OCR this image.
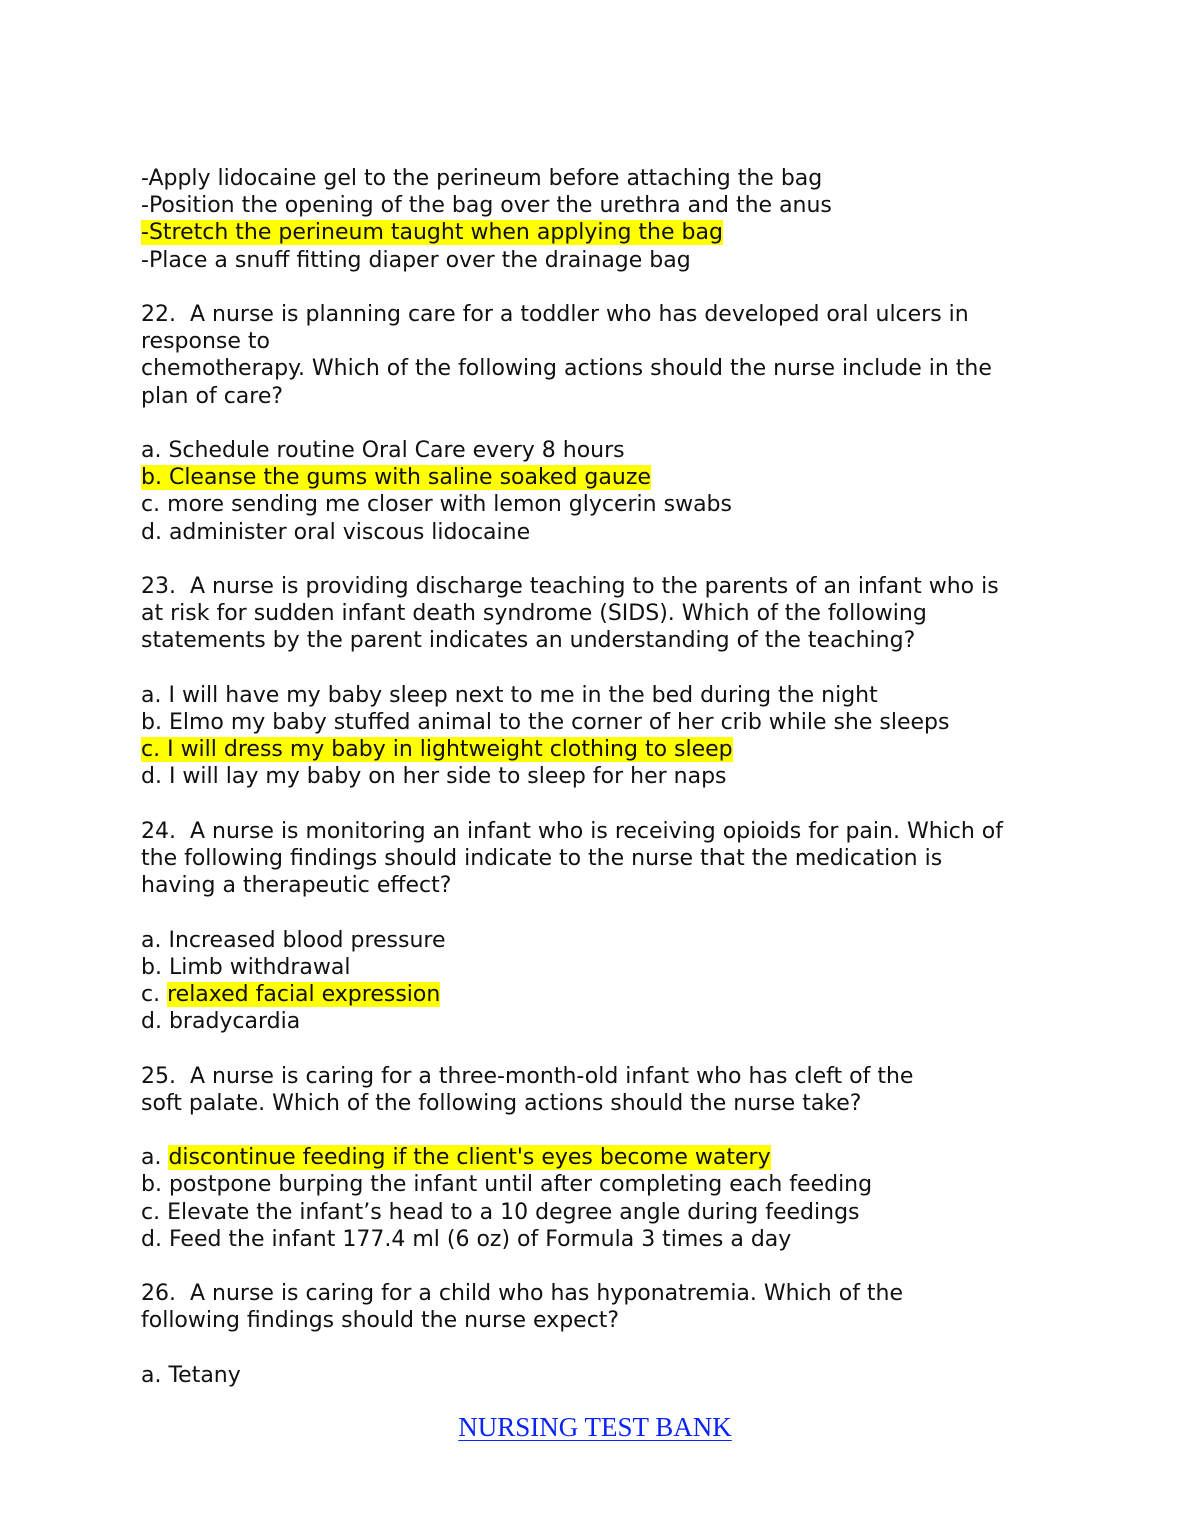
-Apply lidocaine gel to the perineum before attaching the bag
-Position the opening of the bag over the urethra and the anus
-Stretch the perineum taught when applying the bag
-Place a snuff fitting diaper over the drainage bag
22.  A nurse is planning care for a toddler who has developed oral ulcers in
response to
chemotherapy. Which of the following actions should the nurse include in the
plan of care?
a. Schedule routine Oral Care every 8 hours
b. Cleanse the gums with saline soaked gauze
c. more sending me closer with lemon glycerin swabs
d. administer oral viscous lidocaine
23.  A nurse is providing discharge teaching to the parents of an infant who is
at risk for sudden infant death syndrome (SIDS). Which of the following
statements by the parent indicates an understanding of the teaching?
a. I will have my baby sleep next to me in the bed during the night
b. Elmo my baby stuffed animal to the corner of her crib while she sleeps
c. I will dress my baby in lightweight clothing to sleep
d. I will lay my baby on her side to sleep for her naps
24.  A nurse is monitoring an infant who is receiving opioids for pain. Which of
the following findings should indicate to the nurse that the medication is
having a therapeutic effect?
a. Increased blood pressure
b. Limb withdrawal
c. relaxed facial expression
d. bradycardia
25.  A nurse is caring for a three-month-old infant who has cleft of the
soft palate. Which of the following actions should the nurse take?
a. discontinue feeding if the client's eyes become watery
b. postpone burping the infant until after completing each feeding
c. Elevate the infant’s head to a 10 degree angle during feedings
d. Feed the infant 177.4 ml (6 oz) of Formula 3 times a day
26.  A nurse is caring for a child who has hyponatremia. Which of the
following findings should the nurse expect?
a. Tetany
NURSING TEST BANK
